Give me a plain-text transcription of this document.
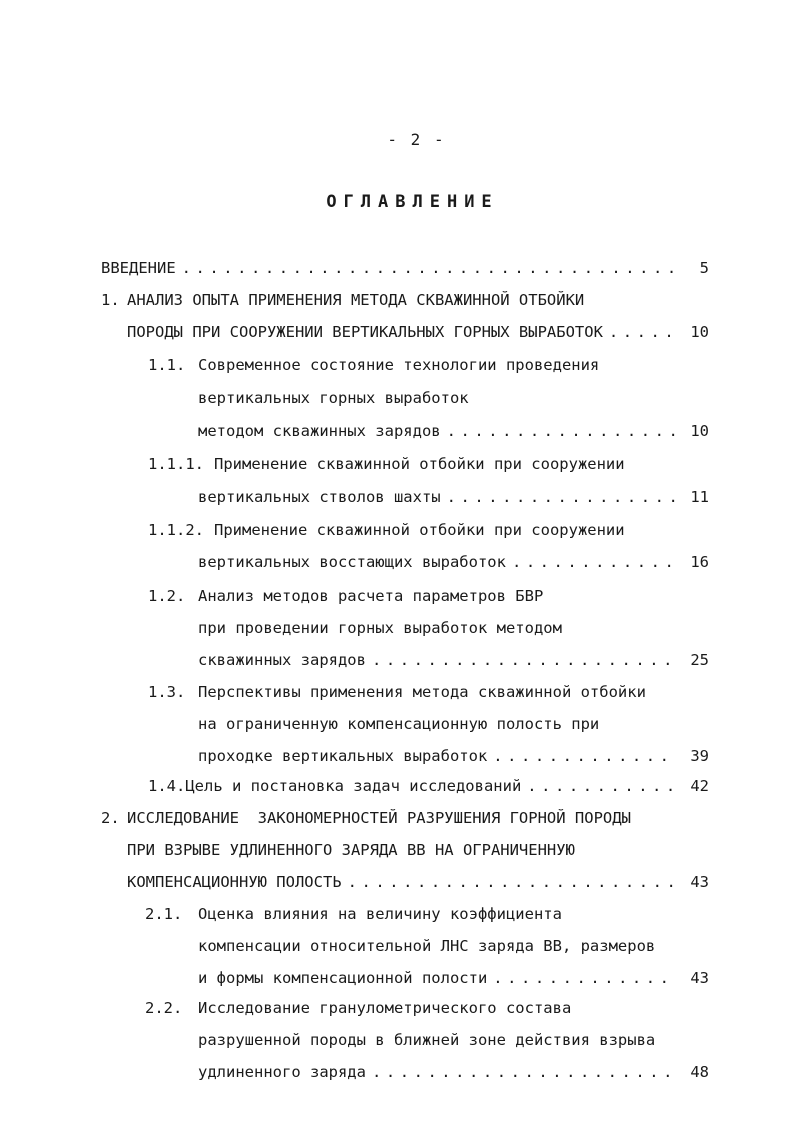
- 2 -
ОГЛАВЛЕНИЕ
ВВЕДЕНИЕ . . .	5
1. АНАЛИЗ ОПЫТА ПРИМЕНЕНИЯ МЕТОДА СКВАЖИННОЙ ОТБОЙКИ
ПОРОДЫ ПРИ СООРУЖЕНИИ ВЕРТИКАЛЬНЫХ ГОРНЫХ ВЫРАБОТОК . . .	10
1.1. Современное состояние технологии проведения
вертикальных горных выработок
методом скважинных зарядов . . .	10
1.1.1. Применение скважинной отбойки при сооружении
вертикальных стволов шахты . . .	11
1.1.2. Применение скважинной отбойки при сооружении
вертикальных восстающих выработок . . .	16
1.2. Анализ методов расчета параметров БВР
при проведении горных выработок методом
скважинных зарядов . . .	25
1.3. Перспективы применения метода скважинной отбойки
на ограниченную компенсационную полость при
проходке вертикальных выработок . . .	39
1.4. Цель и постановка задач исследований . . .	42
2. ИССЛЕДОВАНИЕ  ЗАКОНОМЕРНОСТЕЙ РАЗРУШЕНИЯ ГОРНОЙ ПОРОДЫ
ПРИ ВЗРЫВЕ УДЛИНЕННОГО ЗАРЯДА ВВ НА ОГРАНИЧЕННУЮ
КОМПЕНСАЦИОННУЮ ПОЛОСТЬ . . .	43
2.1.	Оценка влияния на величину коэффициента
компенсации относительной ЛНС заряда ВВ, размеров
и формы компенсационной полости . . .	43
2.2.	Исследование гранулометрического состава
разрушенной породы в ближней зоне действия взрыва
удлиненного заряда . . .	48
